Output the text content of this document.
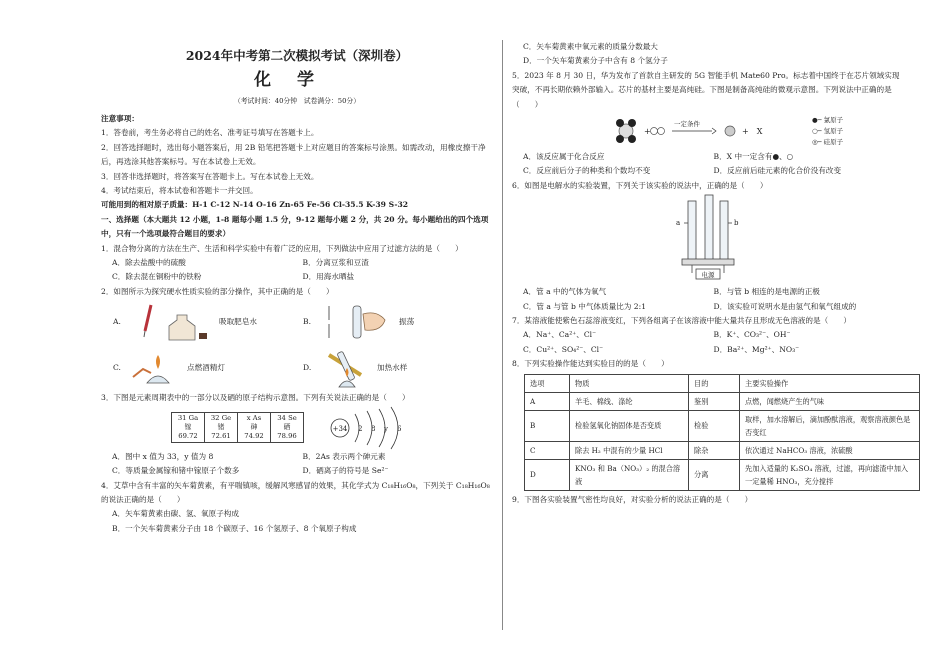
2024年中考第二次模拟考试（深圳卷）
化学
（考试时间：40分钟　试卷满分：50分）

注意事项：

1．答卷前，考生务必将自己的姓名、准考证号填写在答题卡上。

2．回答选择题时，选出每小题答案后，用 2B 铅笔把答题卡上对应题目的答案标号涂黑。如需改动，用橡皮擦干净后，再选涂其他答案标号。写在本试卷上无效。

3．回答非选择题时，将答案写在答题卡上。写在本试卷上无效。

4．考试结束后，将本试卷和答题卡一并交回。

可能用到的相对原子质量：H-1 C-12 N-14 O-16 Zn-65 Fe-56 Cl-35.5 K-39 S-32

一、选择题（本大题共 12 小题，1-8 题每小题 1.5 分，9-12 题每小题 2 分，共 20 分。每小题给出的四个选项中，只有一个选项最符合题目的要求）

1．混合物分离的方法在生产、生活和科学实验中有着广泛的应用，下列做法中应用了过滤方法的是（　　）

A．除去盐酸中的硫酸	B．分离豆浆和豆渣
C．除去混在铜粉中的铁粉	D．用海水晒盐

2．如图所示为探究硬水性质实验的部分操作，其中正确的是（　　）

A.	吸取肥皂水	B.	振荡
C.	点燃酒精灯	D.	加热水样

3．下图是元素周期表中的一部分以及硒的原子结构示意图。下列有关说法正确的是（　　）

31 Ga
镓
69.72	32 Ge
锗
72.61	x As
砷
74.92	34 Se
硒
78.96
+34 2 8 y 6
A．图中 x 值为 33，y 值为 8	B．2As 表示两个砷元素
C．等质量金属镓和锗中镓原子个数多	D．硒离子的符号是 Se²⁻

4．艾草中含有丰富的矢车菊黄素，有平喘镇咳，缓解风寒感冒的效果，其化学式为 C₁₈H₁₆O₈，下列关于 C₁₈H₁₆O₈ 的说法正确的是（　　）

A．矢车菊黄素由碳、氢、氧原子构成

B．一个矢车菊黄素分子由 18 个碳原子、16 个氢原子、8 个氧原子构成

C．矢车菊黄素中氧元素的质量分数最大

D．一个矢车菊黄素分子中含有 8 个氢分子

5．2023 年 8 月 30 日，华为发布了首款自主研发的 5G 智能手机 Mate60 Pro。标志着中国终于在芯片领域实现突破，不再长期依赖外部输入。芯片的基材主要是高纯硅。下图是制备高纯硅的微观示意图。下列说法中正确的是（　　）

+
一定条件
+　X
●─ 氯原子
○─ 氢原子
◎─ 硅原子
A．该反应属于化合反应	B．X 中一定含有●、○
C．反应前后分子的种类和个数均不变	D．反应前后硅元素的化合价没有改变

6．如图是电解水的实验装置，下列关于该实验的说法中，正确的是（　　）

a	b
电源
A．管 a 中的气体为氧气	B．与管 b 相连的是电源的正极
C．管 a 与管 b 中气体质量比为 2:1	D．该实验可说明水是由氢气和氧气组成的

7．某溶液能使紫色石蕊溶液变红，下列各组离子在该溶液中能大量共存且形成无色溶液的是（　　）

A．Na⁺、Ca²⁺、Cl⁻	B．K⁺、CO₃²⁻、OH⁻
C．Cu²⁺、SO₄²⁻、Cl⁻	D．Ba²⁺、Mg²⁺、NO₃⁻

8．下列实验操作能达到实验目的的是（　　）

选项	物质	目的	主要实验操作
A	羊毛、棉线、涤纶	鉴别	点燃，闻燃烧产生的气味
B	检验氢氧化钠固体是否变质	检验	取样，加水溶解后，滴加酚酞溶液，观察溶液颜色是否变红
C	除去 H₂ 中混有的少量 HCl	除杂	依次通过 NaHCO₃ 溶液，浓硫酸
D	KNO₃ 和 Ba（NO₃）₂ 的混合溶液	分离	先加入适量的 K₂SO₄ 溶液，过滤，再向滤渣中加入一定量稀 HNO₃，充分搅拌

9．下图各实验装置气密性均良好，对实验分析的说法正确的是（　　）
